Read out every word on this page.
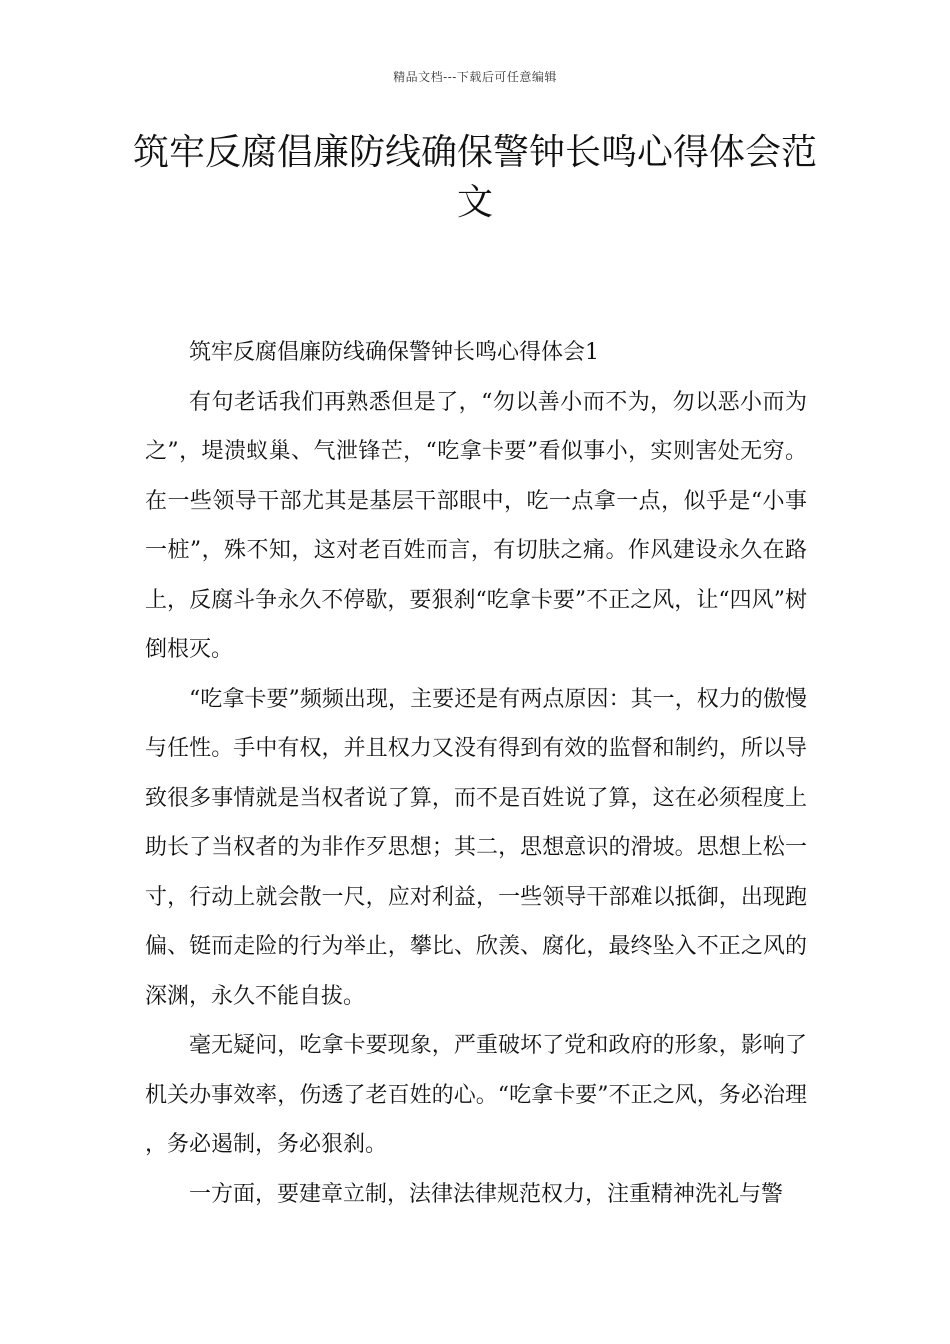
精品文档---下载后可任意编辑
筑牢反腐倡廉防线确保警钟长鸣心得体会范文

筑牢反腐倡廉防线确保警钟长鸣心得体会1

有句老话我们再熟悉但是了，“勿以善小而不为，勿以恶小而为之”，堤溃蚁巢、气泄锋芒，“吃拿卡要”看似事小，实则害处无穷。在一些领导干部尤其是基层干部眼中，吃一点拿一点，似乎是“小事一桩”，殊不知，这对老百姓而言，有切肤之痛。作风建设永久在路上，反腐斗争永久不停歇，要狠刹“吃拿卡要”不正之风，让“四风”树倒根灭。

“吃拿卡要”频频出现，主要还是有两点原因：其一，权力的傲慢与任性。手中有权，并且权力又没有得到有效的监督和制约，所以导致很多事情就是当权者说了算，而不是百姓说了算，这在必须程度上助长了当权者的为非作歹思想；其二，思想意识的滑坡。思想上松一寸，行动上就会散一尺，应对利益，一些领导干部难以抵御，出现跑偏、铤而走险的行为举止，攀比、欣羡、腐化，最终坠入不正之风的深渊，永久不能自拔。

毫无疑问，吃拿卡要现象，严重破坏了党和政府的形象，影响了机关办事效率，伤透了老百姓的心。“吃拿卡要”不正之风，务必治理，务必遏制，务必狠刹。

一方面，要建章立制，法律法律规范权力，注重精神洗礼与警
